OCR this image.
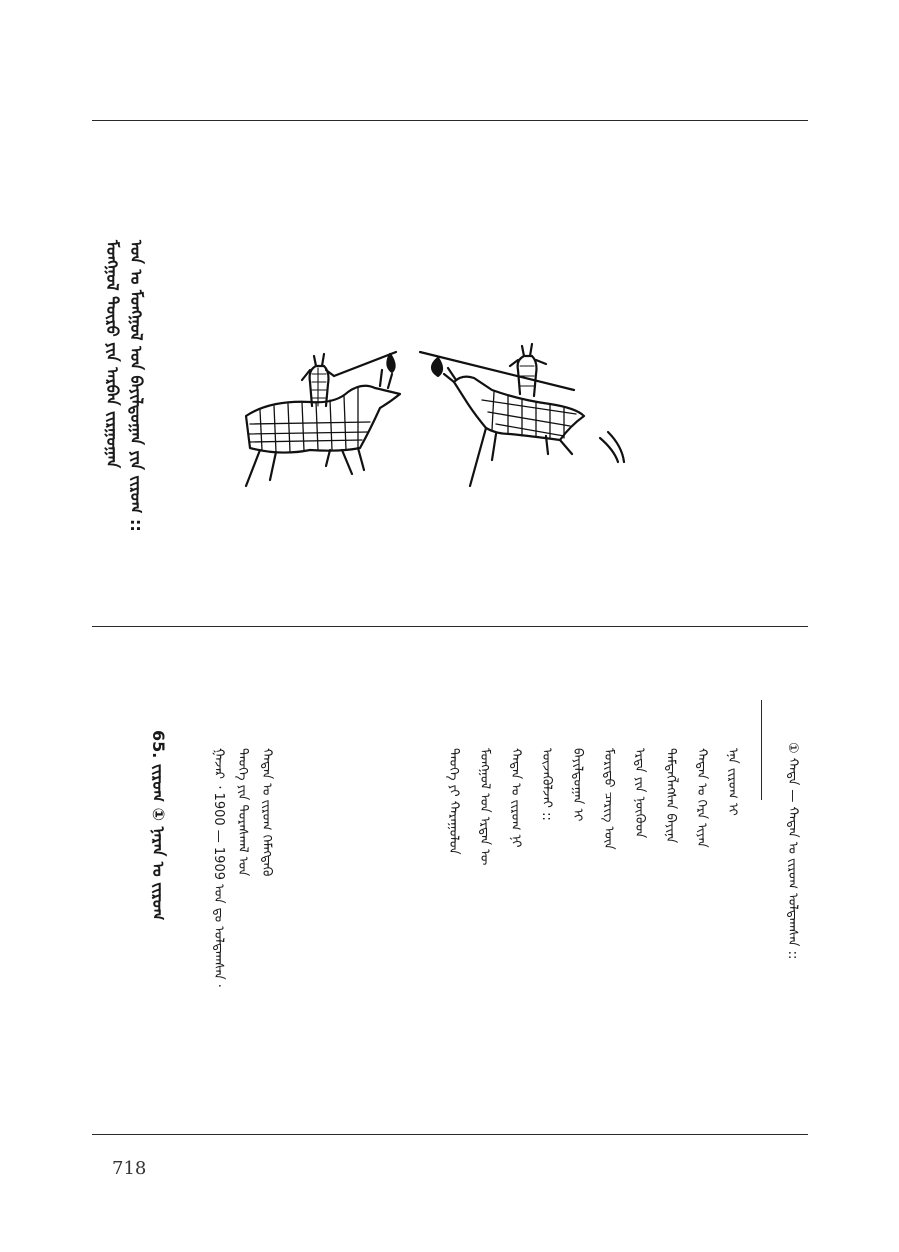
ᠮᠣᠩᠭᠣᠯ ᠲᠥᠷᠥ ᠶᠢᠨ ᠠᠷᠪᠠᠨ ᠵᠢᠷᠭᠤᠭᠠᠨ ᠣᠨ ᠤ ᠮᠣᠩᠭᠣᠯ ᠤᠨ ᠪᠠᠶᠢᠯᠳᠤᠭᠠᠨ ᠶᠢᠨ ᠵᠢᠷᠤᠭ ::
① ᠬᠠᠳᠠ — ᠬᠠᠳᠠᠨ ᠤ ᠵᠢᠷᠤᠭ ᠣᠯᠳᠠᠭᠰᠠᠨ ::
ᠡᠨᠡ ᠵᠢᠷᠤᠭ ᠢ
ᠬᠠᠳᠠᠨ ᠤ ᠭᠡᠷᠡ ᠢᠶᠡᠨ
ᠲᠡᠮᠳᠡᠭᠯᠡᠭᠰᠡᠨ ᠪᠠᠶᠢᠨᠠ
ᠡᠷᠲᠡ ᠶᠢᠨ ᠨᠦᠭᠦᠳ
ᠮᠣᠷᠢᠲᠤ ᠴᠡᠷᠢᠭ ᠦᠨ
ᠪᠠᠶᠢᠯᠳᠤᠭᠠᠨ ᠢ
ᠦᠵᠡᠭᠦᠯᠵᠡᠢ ::
ᠬᠠᠳᠠᠨ ᠤ ᠵᠢᠷᠤᠭ ᠨᠢ
ᠮᠣᠩᠭᠣᠯ ᠤᠨ ᠡᠷᠲᠡᠨ ᠦ
ᠲᠡᠦᠬᠡ ᠶᠢ ᠬᠠᠷᠠᠭᠤᠯᠤᠨ
ᠬᠠᠳᠠᠨ ᠤ ᠵᠢᠷᠤᠭ ᠬᠡᠮᠡᠭᠳᠡᠬᠦ
ᠲᠡᠦᠬᠡ ᠶᠢᠨ ᠳᠤᠷᠠᠰᠬᠠᠯ ᠤᠨ
ᠭᠠᠵᠠᠷ ᠂ 1900 — 1909 ᠣᠨ ᠳᠤ ᠣᠯᠳᠠᠭᠰᠠᠨ ·
65. ᠵᠢᠷᠤᠭ ① ᠨᠠᠷᠠᠨ ᠤ ᠵᠢᠷᠤᠭ
718
